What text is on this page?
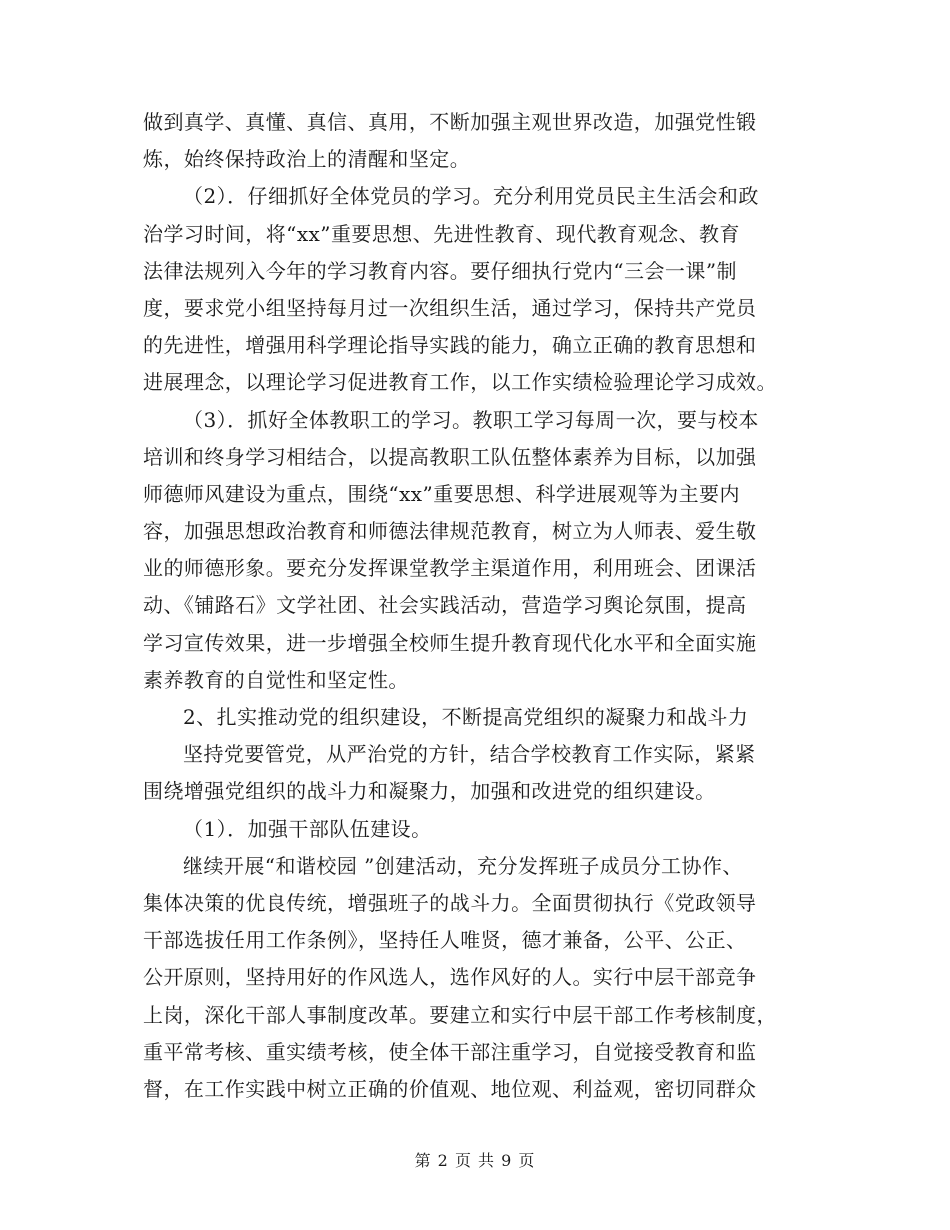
做到真学、真懂、真信、真用，不断加强主观世界改造，加强党性锻
炼，始终保持政治上的清醒和坚定。
（2）．仔细抓好全体党员的学习。充分利用党员民主生活会和政
治学习时间，将“xx”重要思想、先进性教育、现代教育观念、教育
法律法规列入今年的学习教育内容。要仔细执行党内“三会一课”制
度，要求党小组坚持每月过一次组织生活，通过学习，保持共产党员
的先进性，增强用科学理论指导实践的能力，确立正确的教育思想和
进展理念，以理论学习促进教育工作，以工作实绩检验理论学习成效。
（3）．抓好全体教职工的学习。教职工学习每周一次，要与校本
培训和终身学习相结合，以提高教职工队伍整体素养为目标，以加强
师德师风建设为重点，围绕“xx”重要思想、科学进展观等为主要内
容，加强思想政治教育和师德法律规范教育，树立为人师表、爱生敬
业的师德形象。要充分发挥课堂教学主渠道作用，利用班会、团课活
动、《铺路石》文学社团、社会实践活动，营造学习舆论氛围，提高
学习宣传效果，进一步增强全校师生提升教育现代化水平和全面实施
素养教育的自觉性和坚定性。
2、扎实推动党的组织建设，不断提高党组织的凝聚力和战斗力
坚持党要管党，从严治党的方针，结合学校教育工作实际，紧紧
围绕增强党组织的战斗力和凝聚力，加强和改进党的组织建设。
（1）．加强干部队伍建设。
继续开展“和谐校园 ”创建活动，充分发挥班子成员分工协作、
集体决策的优良传统，增强班子的战斗力。全面贯彻执行《党政领导
干部选拔任用工作条例》，坚持任人唯贤，德才兼备，公平、公正、
公开原则，坚持用好的作风选人，选作风好的人。实行中层干部竞争
上岗，深化干部人事制度改革。要建立和实行中层干部工作考核制度，
重平常考核、重实绩考核，使全体干部注重学习，自觉接受教育和监
督，在工作实践中树立正确的价值观、地位观、利益观，密切同群众
第 2 页 共 9 页
